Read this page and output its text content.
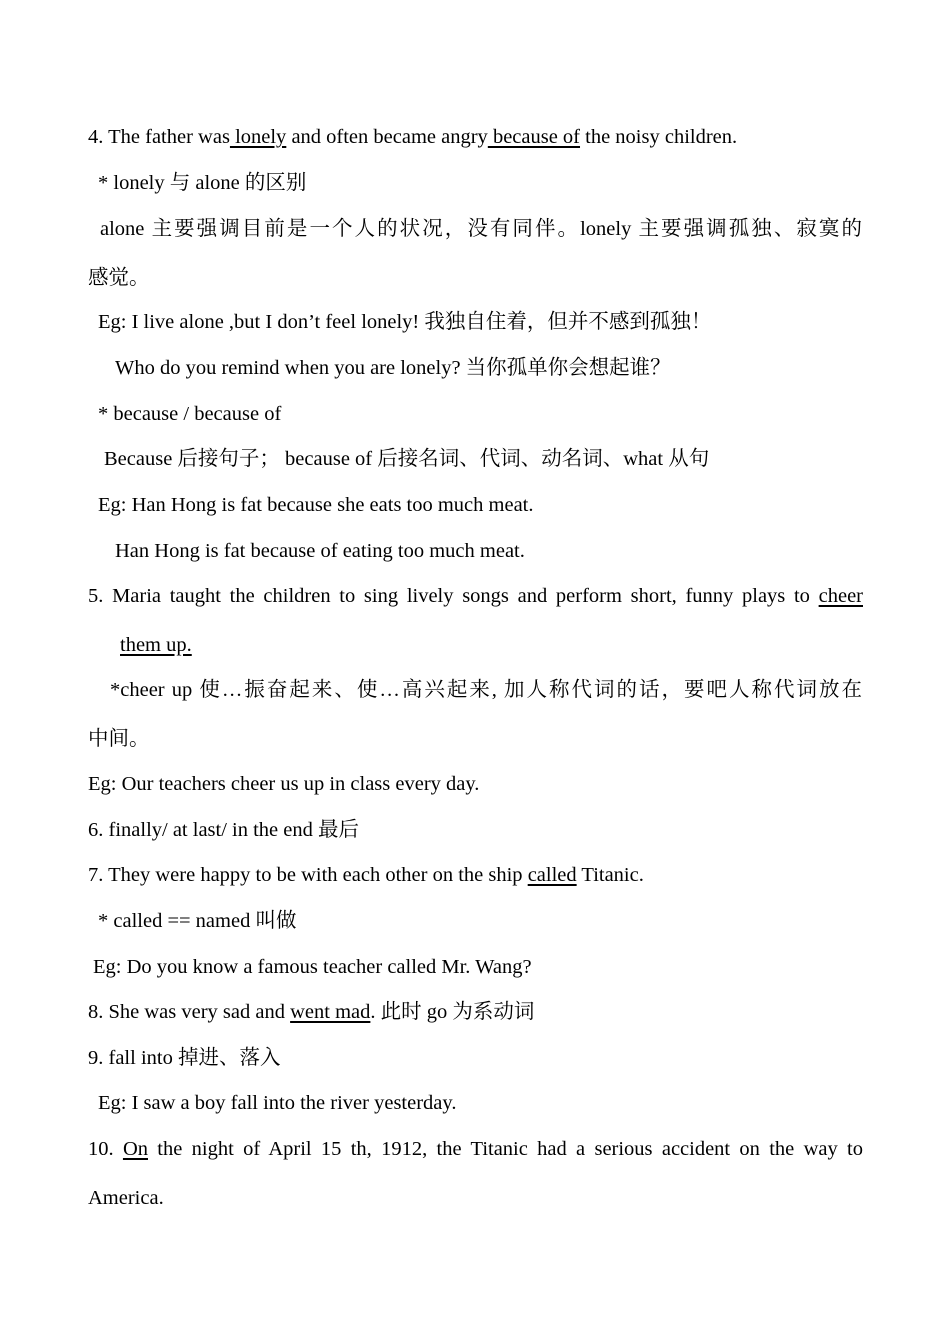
4. The father was lonely and often became angry because of the noisy children.
* lonely 与 alone 的区别
alone 主要强调目前是一个人的状况，没有同伴。lonely 主要强调孤独、寂寞的
感觉。
Eg: I live alone ,but I don’t feel lonely! 我独自住着，但并不感到孤独！
Who do you remind when you are lonely? 当你孤单你会想起谁？
* because / because of
Because 后接句子； because of 后接名词、代词、动名词、what 从句
Eg: Han Hong is fat because she eats too much meat.
Han Hong is fat because of eating too much meat.
5. Maria taught the children to sing lively songs and perform short, funny plays to cheer
them up.
*cheer up 使…振奋起来、使…高兴起来, 加人称代词的话，要吧人称代词放在
中间。
Eg: Our teachers cheer us up in class every day.
6. finally/ at last/ in the end 最后
7. They were happy to be with each other on the ship called Titanic.
* called == named 叫做
Eg: Do you know a famous teacher called Mr. Wang?
8. She was very sad and went mad. 此时 go 为系动词
9. fall into 掉进、落入
Eg: I saw a boy fall into the river yesterday.
10. On the night of April 15 th, 1912, the Titanic had a serious accident on the way to
America.
